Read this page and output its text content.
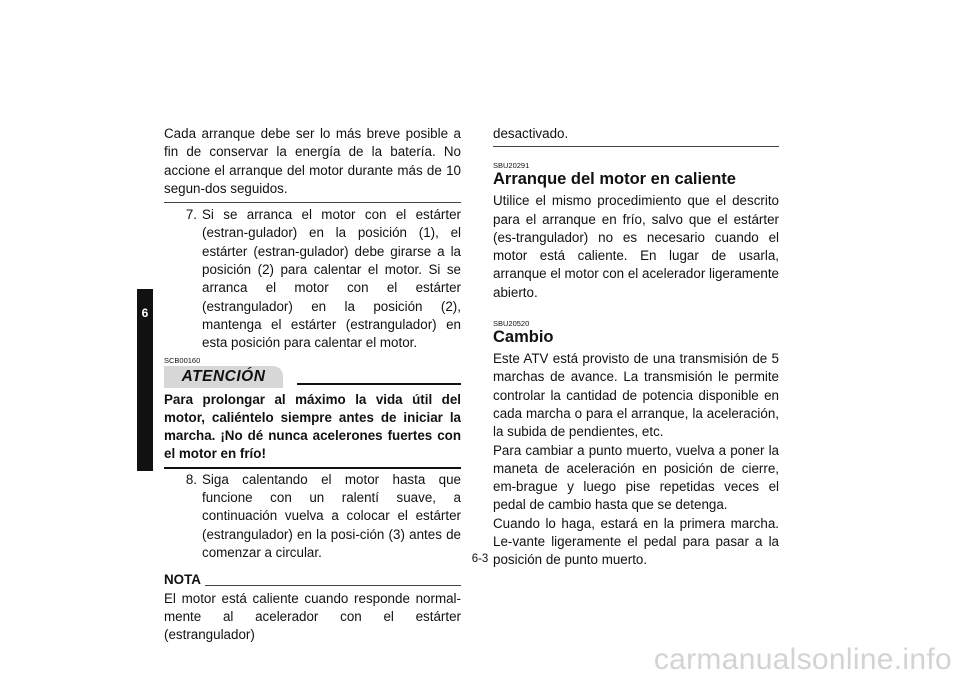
6

Cada arranque debe ser lo más breve posible a fin de conservar la energía de la batería. No accione el arranque del motor durante más de 10 segun-dos seguidos.

7. Si se arranca el motor con el estárter (estran-gulador) en la posición (1), el estárter (estran-gulador) debe girarse a la posición (2) para calentar el motor. Si se arranca el motor con el estárter (estrangulador) en la posición (2), mantenga el estárter (estrangulador) en esta posición para calentar el motor.
SCB00160
ATENCIÓN

Para prolongar al máximo la vida útil del motor, caliéntelo siempre antes de iniciar la marcha. ¡No dé nunca acelerones fuertes con el motor en frío!

8. Siga calentando el motor hasta que funcione con un ralentí suave, a continuación vuelva a colocar el estárter (estrangulador) en la posi-ción (3) antes de comenzar a circular.
NOTA

El motor está caliente cuando responde normal-mente al acelerador con el estárter (estrangulador)

desactivado.

SBU20291
Arranque del motor en caliente

Utilice el mismo procedimiento que el descrito para el arranque en frío, salvo que el estárter (es-trangulador) no es necesario cuando el motor está caliente. En lugar de usarla, arranque el motor con el acelerador ligeramente abierto.

SBU20520
Cambio

Este ATV está provisto de una transmisión de 5 marchas de avance. La transmisión le permite controlar la cantidad de potencia disponible en cada marcha o para el arranque, la aceleración, la subida de pendientes, etc.

Para cambiar a punto muerto, vuelva a poner la maneta de aceleración en posición de cierre, em-brague y luego pise repetidas veces el pedal de cambio hasta que se detenga.

Cuando lo haga, estará en la primera marcha. Le-vante ligeramente el pedal para pasar a la posición de punto muerto.

6-3
carmanualsonline.info
